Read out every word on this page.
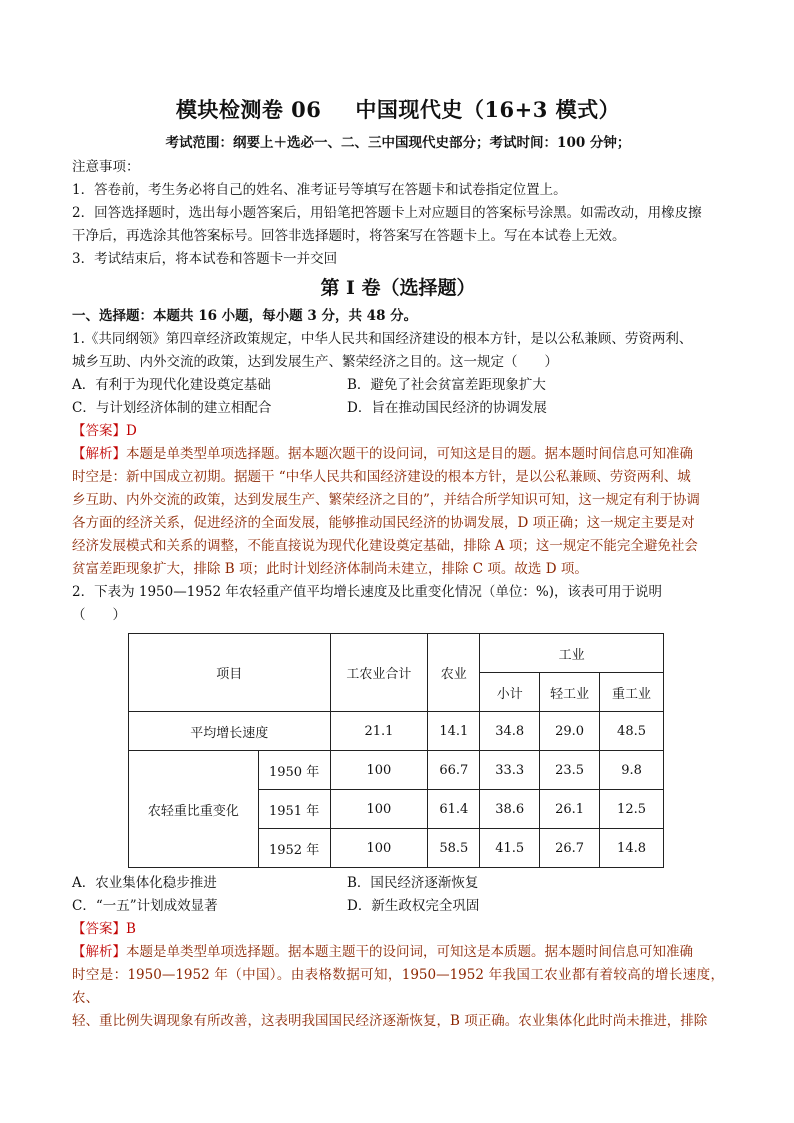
模块检测卷 06 中国现代史（16+3 模式）
考试范围：纲要上＋选必一、二、三中国现代史部分；考试时间：100 分钟；
注意事项：
1．答卷前，考生务必将自己的姓名、准考证号等填写在答题卡和试卷指定位置上。
2．回答选择题时，选出每小题答案后，用铅笔把答题卡上对应题目的答案标号涂黑。如需改动，用橡皮擦
干净后，再选涂其他答案标号。回答非选择题时，将答案写在答题卡上。写在本试卷上无效。
3．考试结束后，将本试卷和答题卡一并交回
第 I 卷（选择题）
一、选择题：本题共 16 小题，每小题 3 分，共 48 分。
1.《共同纲领》第四章经济政策规定，中华人民共和国经济建设的根本方针，是以公私兼顾、劳资两利、
城乡互助、内外交流的政策，达到发展生产、繁荣经济之目的。这一规定（　　）
A．有利于为现代化建设奠定基础	B．避免了社会贫富差距现象扩大
C．与计划经济体制的建立相配合	D．旨在推动国民经济的协调发展
【答案】D
【解析】本题是单类型单项选择题。据本题次题干的设问词，可知这是目的题。据本题时间信息可知准确
时空是：新中国成立初期。据题干 “中华人民共和国经济建设的根本方针，是以公私兼顾、劳资两利、城
乡互助、内外交流的政策，达到发展生产、繁荣经济之目的”，并结合所学知识可知，这一规定有利于协调
各方面的经济关系，促进经济的全面发展，能够推动国民经济的协调发展，D 项正确；这一规定主要是对
经济发展模式和关系的调整，不能直接说为现代化建设奠定基础，排除 A 项；这一规定不能完全避免社会
贫富差距现象扩大，排除 B 项；此时计划经济体制尚未建立，排除 C 项。故选 D 项。
2．下表为 1950—1952 年农轻重产值平均增长速度及比重变化情况（单位：%)，该表可用于说明
（　　）
项目		工农业合计	农业	工业		
				小计	轻工业	重工业
平均增长速度		21.1	14.1	34.8	29.0	48.5
农轻重比重变化	1950 年	100	66.7	33.3	23.5	9.8
	1951 年	100	61.4	38.6	26.1	12.5
	1952 年	100	58.5	41.5	26.7	14.8
A．农业集体化稳步推进	B．国民经济逐渐恢复
C．“一五”计划成效显著	D．新生政权完全巩固
【答案】B
【解析】本题是单类型单项选择题。据本题主题干的设问词，可知这是本质题。据本题时间信息可知准确
时空是：1950—1952 年（中国）。由表格数据可知，1950—1952 年我国工农业都有着较高的增长速度，农、
轻、重比例失调现象有所改善，这表明我国国民经济逐渐恢复，B 项正确。农业集体化此时尚未推进，排除
